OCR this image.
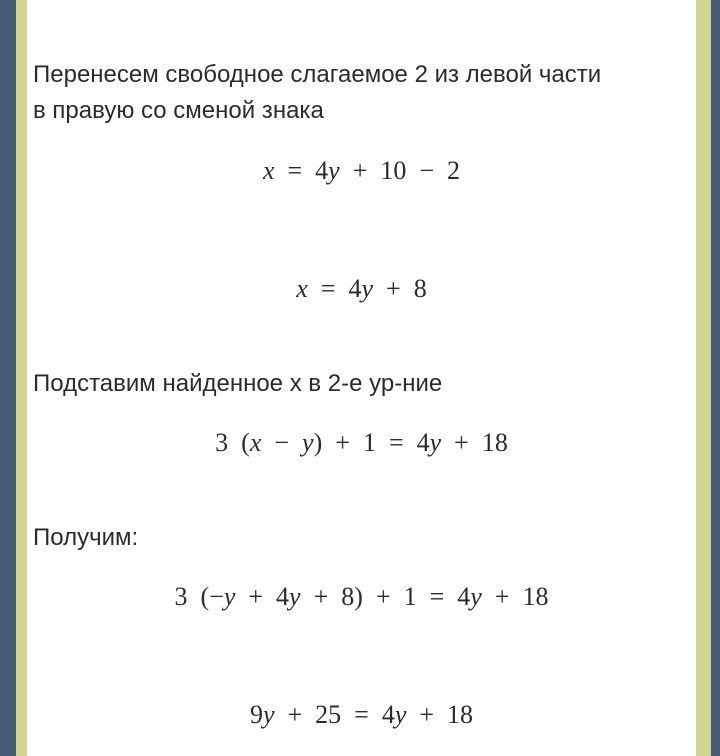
Перенесем свободное слагаемое 2 из левой части
в правую со сменой знака
x  =  4y  +  10  −  2
x  =  4y  +  8
Подставим найденное x в 2-е ур-ние
3  (x  −  y)  +  1  =  4y  +  18
Получим:
3  (−y  +  4y  +  8)  +  1  =  4y  +  18
9y  +  25  =  4y  +  18
